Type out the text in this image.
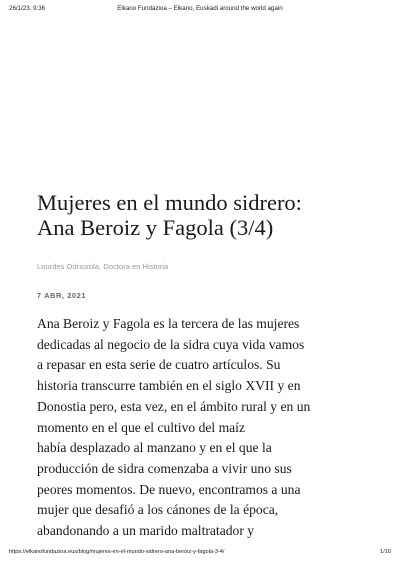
26/1/23, 9:36	Elkano Fundazioa – Elkano, Euskadi around the world again
Mujeres en el mundo sidrero:
Ana Beroiz y Fagola (3/4)
Lourdes Odriozola, Doctora en Historia
7 ABR, 2021
Ana Beroiz y Fagola es la tercera de las mujeres
dedicadas al negocio de la sidra cuya vida vamos
a repasar en esta serie de cuatro artículos. Su
historia transcurre también en el siglo XVII y en
Donostia pero, esta vez, en el ámbito rural y en un
momento en el que el cultivo del maíz
había desplazado al manzano y en el que la
producción de sidra comenzaba a vivir uno sus
peores momentos. De nuevo, encontramos a una
mujer que desafió a los cánones de la época,
abandonando a un marido maltratador y
https://elkanofundazioa.eus/blog/mujeres-en-el-mundo-sidrero-ana-beroiz-y-fagola-3-4/	1/10
